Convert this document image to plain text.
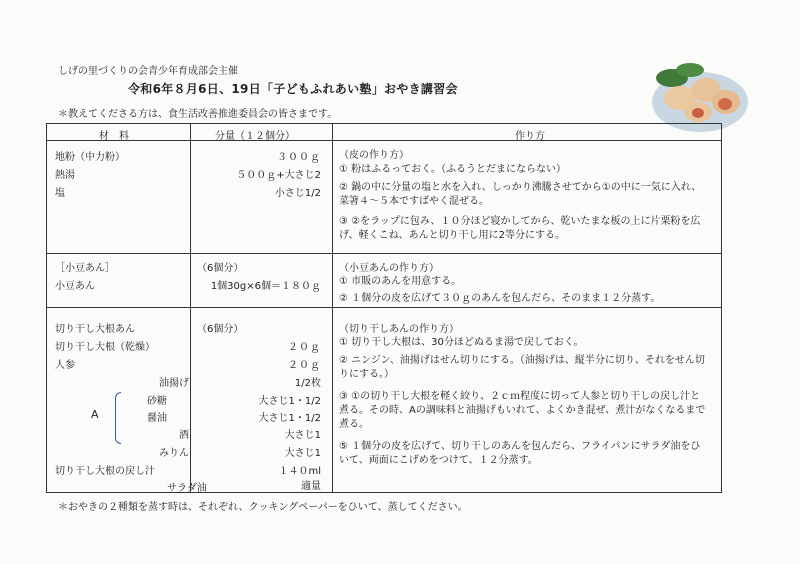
しげの里づくりの会青少年育成部会主催
令和6年８月6日、19日「子どもふれあい塾」おやき講習会
＊教えてくださる方は、食生活改善推進委員会の皆さまです。
材　料	分量（１２個分）	作り方
地粉（中力粉）	３００ｇ
熱湯	５００ｇ+大さじ2
塩	小さじ1/2
（皮の作り方）
① 粉はふるっておく。（ふるうとだまにならない）
② 鍋の中に分量の塩と水を入れ、しっかり沸騰させてから①の中に一気に入れ、菜箸４～５本ですばやく混ぜる。
③ ②をラップに包み、１０分ほど寝かしてから、乾いたまな板の上に片栗粉を広げ、軽くこね、あんと切り干し用に2等分にする。
［小豆あん］	（6個分）
小豆あん	1個30g×6個＝１８０ｇ
（小豆あんの作り方）
① 市販のあんを用意する。
② １個分の皮を広げて３０ｇのあんを包んだら、そのまま１２分蒸す。
切り干し大根あん	（6個分）
切り干し大根（乾燥）	２０ｇ
人参	２０ｇ
油揚げ	1/2枚
A
砂糖	大さじ1・1/2
醤油	大さじ1・1/2
酒	大さじ1
みりん	大さじ1
切り干し大根の戻し汁	１４０ml
サラダ油	適量
（切り干しあんの作り方）
① 切り干し大根は、30分ほどぬるま湯で戻しておく。
② ニンジン、油揚げはせん切りにする。（油揚げは、縦半分に切り、それをせん切りにする。）
③ ①の切り干し大根を軽く絞り、２ｃｍ程度に切って人参と切り干しの戻し汁と煮る。その時、Aの調味料と油揚げもいれて、よくかき混ぜ、煮汁がなくなるまで煮る。
⑤ １個分の皮を広げて、切り干しのあんを包んだら、フライパンにサラダ油をひいて、両面にこげめをつけて、１２分蒸す。
＊おやきの２種類を蒸す時は、それぞれ、クッキングペーパーをひいて、蒸してください。
